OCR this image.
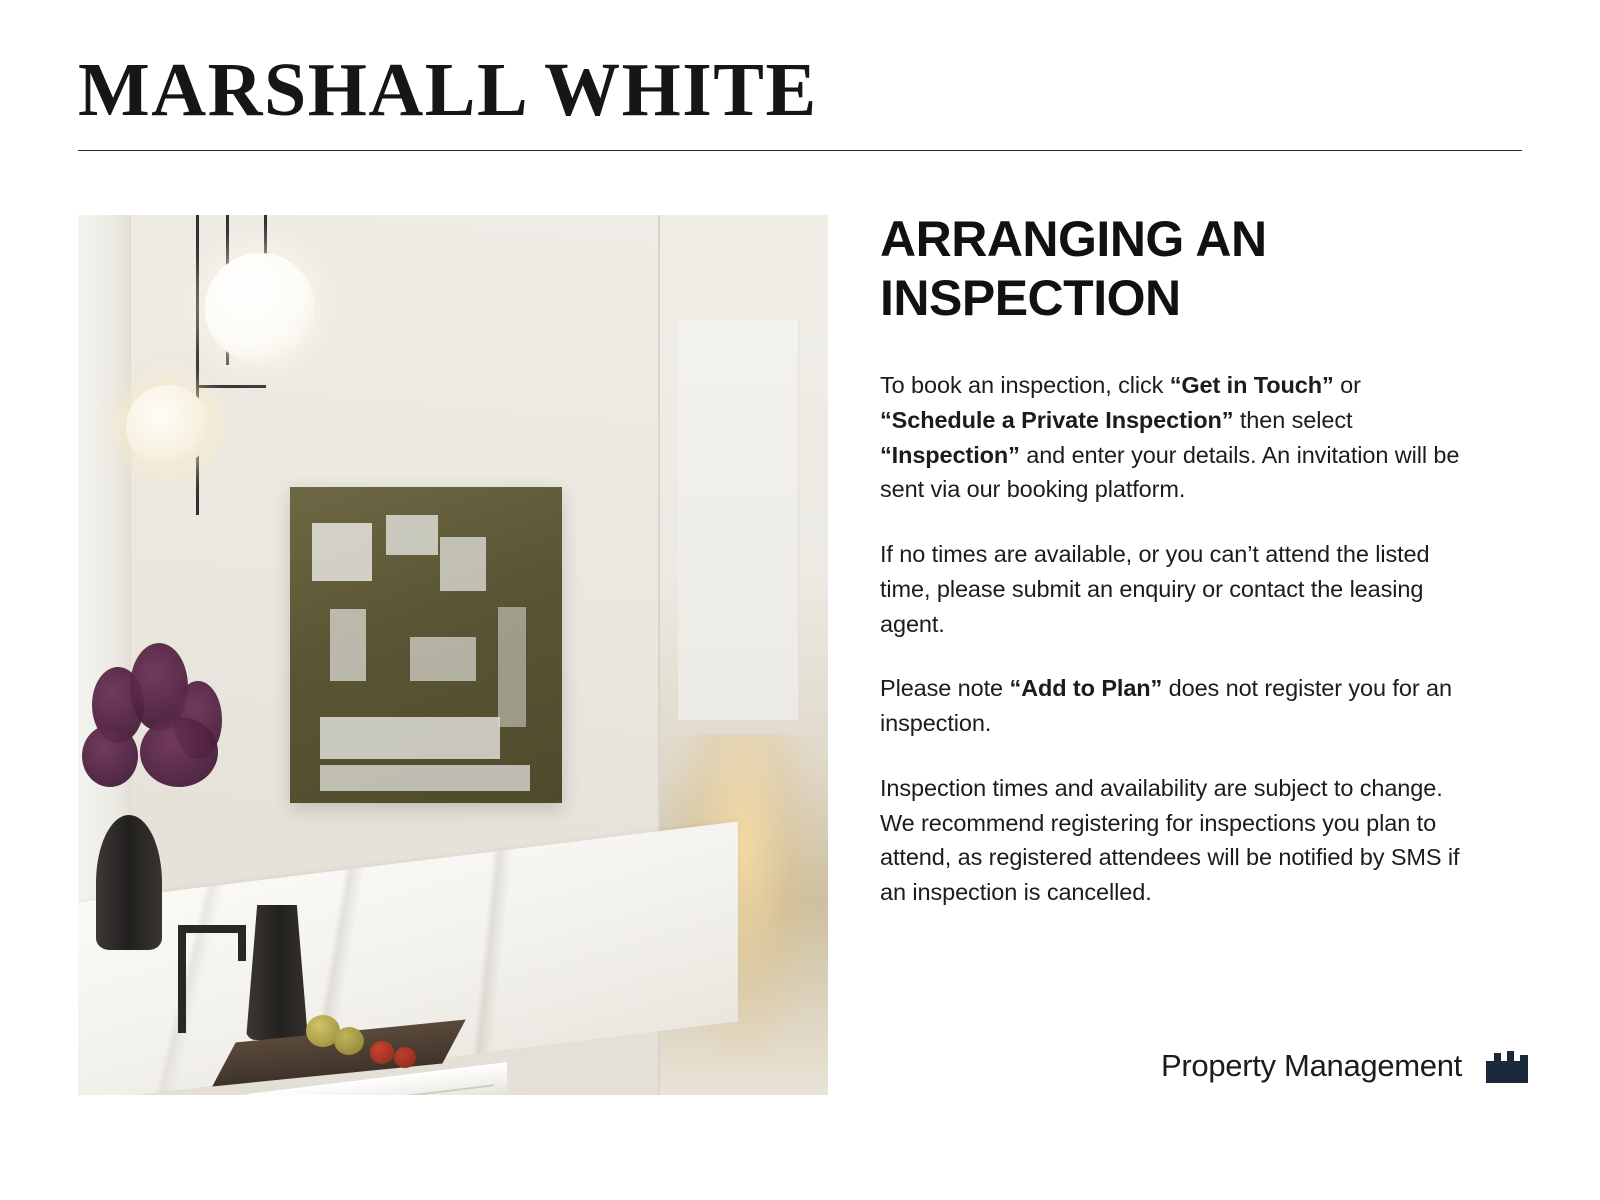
MARSHALL WHITE
ARRANGING AN INSPECTION

To book an inspection, click “Get in Touch” or “Schedule a Private Inspection” then select “Inspection” and enter your details. An invitation will be sent via our booking platform.

If no times are available, or you can’t attend the listed time, please submit an enquiry or contact the leasing agent.

Please note “Add to Plan” does not register you for an inspection.

Inspection times and availability are subject to change. We recommend registering for inspections you plan to attend, as registered attendees will be notified by SMS if an inspection is cancelled.

Property Management
